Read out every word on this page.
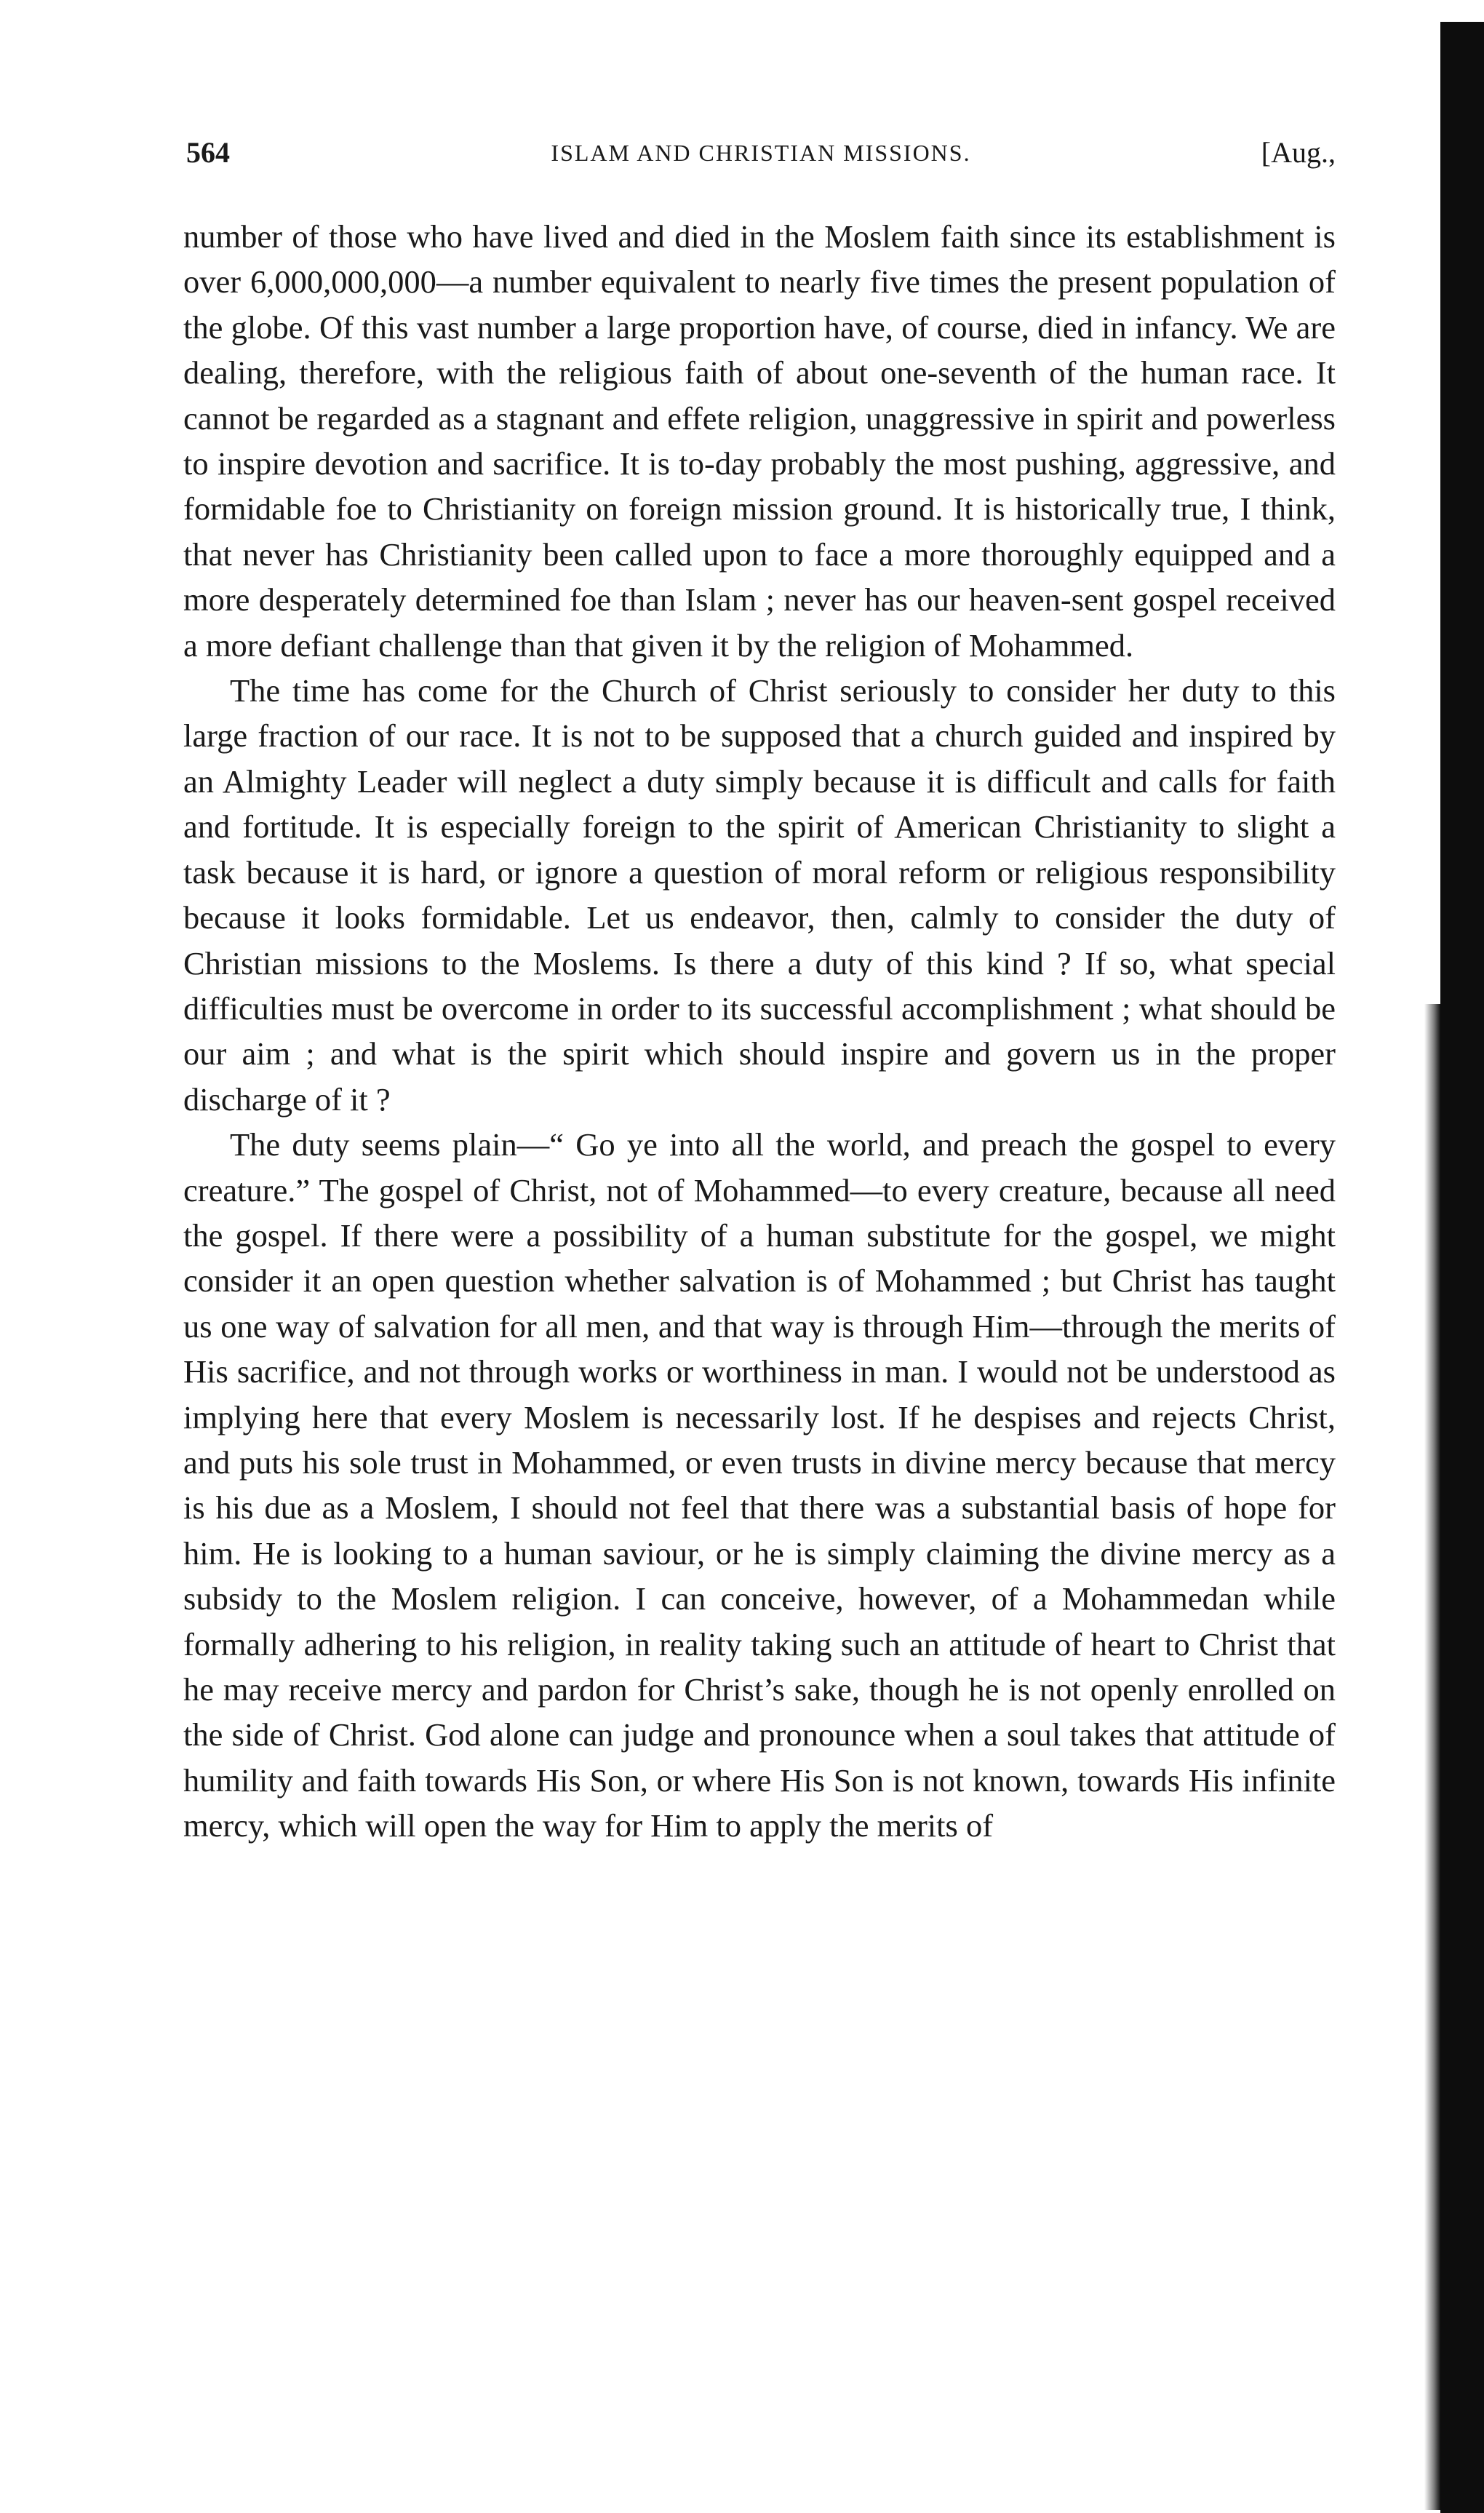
564	ISLAM AND CHRISTIAN MISSIONS.	[Aug.,

number of those who have lived and died in the Moslem faith since its establishment is over 6,000,000,000—a number equivalent to nearly five times the present population of the globe. Of this vast number a large proportion have, of course, died in infancy. We are dealing, therefore, with the religious faith of about one-seventh of the human race. It cannot be regarded as a stagnant and effete religion, unaggressive in spirit and powerless to inspire devotion and sacrifice. It is to-day probably the most pushing, aggressive, and formidable foe to Christianity on foreign mission ground. It is historically true, I think, that never has Christianity been called upon to face a more thoroughly equipped and a more desperately determined foe than Islam ; never has our heaven-sent gospel received a more defiant challenge than that given it by the religion of Mohammed.

The time has come for the Church of Christ seriously to consider her duty to this large fraction of our race. It is not to be supposed that a church guided and inspired by an Almighty Leader will neglect a duty simply because it is difficult and calls for faith and fortitude. It is especially foreign to the spirit of American Christianity to slight a task because it is hard, or ignore a question of moral reform or religious responsibility because it looks formidable. Let us endeavor, then, calmly to consider the duty of Christian missions to the Moslems. Is there a duty of this kind ? If so, what special difficulties must be overcome in order to its successful accomplishment ; what should be our aim ; and what is the spirit which should inspire and govern us in the proper discharge of it ?

The duty seems plain—“ Go ye into all the world, and preach the gospel to every creature.” The gospel of Christ, not of Mohammed—to every creature, because all need the gospel. If there were a possibility of a human substitute for the gospel, we might consider it an open question whether salvation is of Mohammed ; but Christ has taught us one way of salvation for all men, and that way is through Him—through the merits of His sacrifice, and not through works or worthiness in man. I would not be understood as implying here that every Moslem is necessarily lost. If he despises and rejects Christ, and puts his sole trust in Mohammed, or even trusts in divine mercy because that mercy is his due as a Moslem, I should not feel that there was a substantial basis of hope for him. He is looking to a human saviour, or he is simply claiming the divine mercy as a subsidy to the Moslem religion. I can conceive, however, of a Mohammedan while formally adhering to his religion, in reality taking such an attitude of heart to Christ that he may receive mercy and pardon for Christ’s sake, though he is not openly enrolled on the side of Christ. God alone can judge and pronounce when a soul takes that attitude of humility and faith towards His Son, or where His Son is not known, towards His infinite mercy, which will open the way for Him to apply the merits of
